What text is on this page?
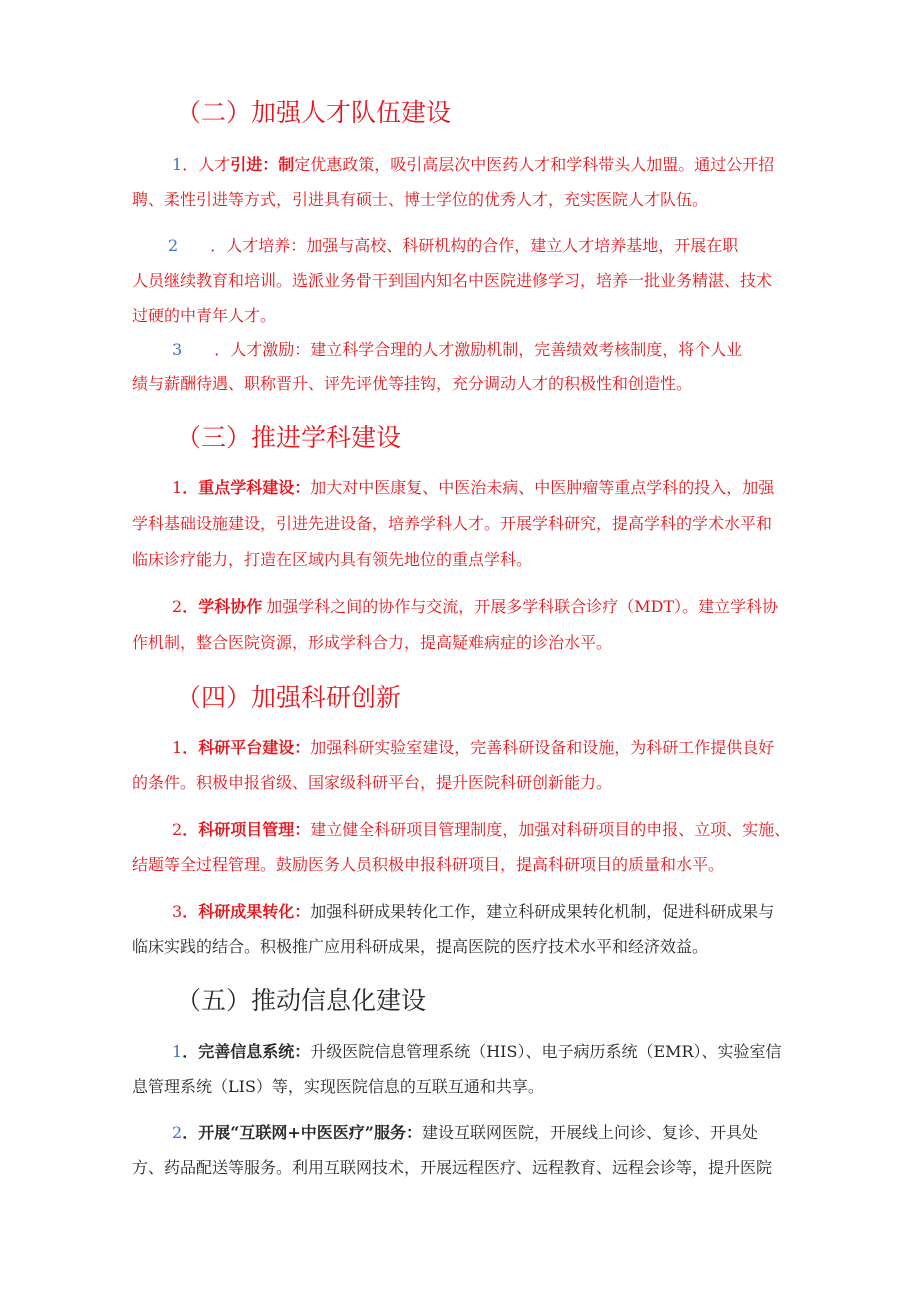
（二）加强人才队伍建设
1．人才引进：制定优惠政策，吸引高层次中医药人才和学科带头人加盟。通过公开招
聘、柔性引进等方式，引进具有硕士、博士学位的优秀人才，充实医院人才队伍。
2 ．人才培养：加强与高校、科研机构的合作，建立人才培养基地，开展在职
人员继续教育和培训。选派业务骨干到国内知名中医院进修学习，培养一批业务精湛、技术
过硬的中青年人才。
3 ．人才激励：建立科学合理的人才激励机制，完善绩效考核制度，将个人业
绩与薪酬待遇、职称晋升、评先评优等挂钩，充分调动人才的积极性和创造性。
（三）推进学科建设
1．重点学科建设：加大对中医康复、中医治未病、中医肿瘤等重点学科的投入，加强
学科基础设施建设，引进先进设备，培养学科人才。开展学科研究，提高学科的学术水平和
临床诊疗能力，打造在区域内具有领先地位的重点学科。
2．学科协作 加强学科之间的协作与交流，开展多学科联合诊疗（MDT）。建立学科协
作机制，整合医院资源，形成学科合力，提高疑难病症的诊治水平。
（四）加强科研创新
1．科研平台建设：加强科研实验室建设，完善科研设备和设施，为科研工作提供良好
的条件。积极申报省级、国家级科研平台，提升医院科研创新能力。
2．科研项目管理：建立健全科研项目管理制度，加强对科研项目的申报、立项、实施、
结题等全过程管理。鼓励医务人员积极申报科研项目，提高科研项目的质量和水平。
3．科研成果转化：加强科研成果转化工作，建立科研成果转化机制，促进科研成果与
临床实践的结合。积极推广应用科研成果，提高医院的医疗技术水平和经济效益。
（五）推动信息化建设
1．完善信息系统：升级医院信息管理系统（HIS）、电子病历系统（EMR）、实验室信
息管理系统（LIS）等，实现医院信息的互联互通和共享。
2．开展“互联网+中医医疗”服务：建设互联网医院，开展线上问诊、复诊、开具处
方、药品配送等服务。利用互联网技术，开展远程医疗、远程教育、远程会诊等，提升医院
